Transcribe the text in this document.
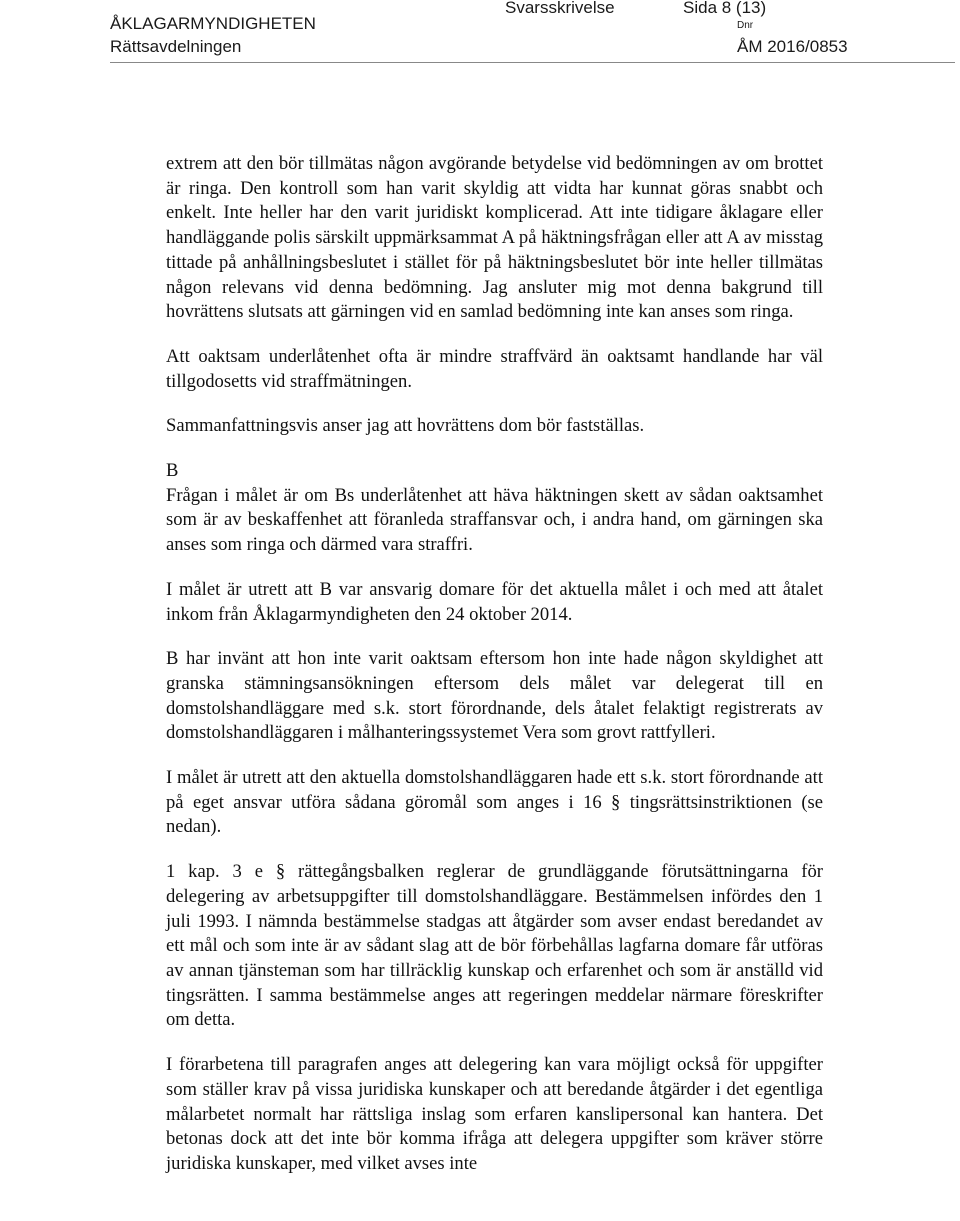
ÅKLAGARMYNDIGHETEN
Rättsavdelningen
Svarsskrivelse	Sida 8 (13)
Dnr
ÅM 2016/0853

extrem att den bör tillmätas någon avgörande betydelse vid bedömningen av om brottet är ringa. Den kontroll som han varit skyldig att vidta har kunnat göras snabbt och enkelt. Inte heller har den varit juridiskt komplicerad. Att inte tidigare åklagare eller handläggande polis särskilt uppmärksammat A på häktningsfrågan eller att A av misstag tittade på anhållningsbeslutet i stället för på häktningsbeslutet bör inte heller tillmätas någon relevans vid denna bedömning. Jag ansluter mig mot denna bakgrund till hovrättens slutsats att gärningen vid en samlad bedömning inte kan anses som ringa.

Att oaktsam underlåtenhet ofta är mindre straffvärd än oaktsamt handlande har väl tillgodosetts vid straffmätningen.

Sammanfattningsvis anser jag att hovrättens dom bör fastställas.

B

Frågan i målet är om Bs underlåtenhet att häva häktningen skett av sådan oaktsamhet som är av beskaffenhet att föranleda straffansvar och, i andra hand, om gärningen ska anses som ringa och därmed vara straffri.

I målet är utrett att B var ansvarig domare för det aktuella målet i och med att åtalet inkom från Åklagarmyndigheten den 24 oktober 2014.

B har invänt att hon inte varit oaktsam eftersom hon inte hade någon skyldighet att granska stämningsansökningen eftersom dels målet var delegerat till en domstolshandläggare med s.k. stort förordnande, dels åtalet felaktigt registrerats av domstolshandläggaren i målhanteringssystemet Vera som grovt rattfylleri.

I målet är utrett att den aktuella domstolshandläggaren hade ett s.k. stort förordnande att på eget ansvar utföra sådana göromål som anges i 16 § tingsrättsinstriktionen (se nedan).

1 kap. 3 e § rättegångsbalken reglerar de grundläggande förutsättningarna för delegering av arbetsuppgifter till domstolshandläggare. Bestämmelsen infördes den 1 juli 1993. I nämnda bestämmelse stadgas att åtgärder som avser endast beredandet av ett mål och som inte är av sådant slag att de bör förbehållas lagfarna domare får utföras av annan tjänsteman som har tillräcklig kunskap och erfarenhet och som är anställd vid tingsrätten. I samma bestämmelse anges att regeringen meddelar närmare föreskrifter om detta.

I förarbetena till paragrafen anges att delegering kan vara möjligt också för uppgifter som ställer krav på vissa juridiska kunskaper och att beredande åtgärder i det egentliga målarbetet normalt har rättsliga inslag som erfaren kanslipersonal kan hantera. Det betonas dock att det inte bör komma ifråga att delegera uppgifter som kräver större juridiska kunskaper, med vilket avses inte
